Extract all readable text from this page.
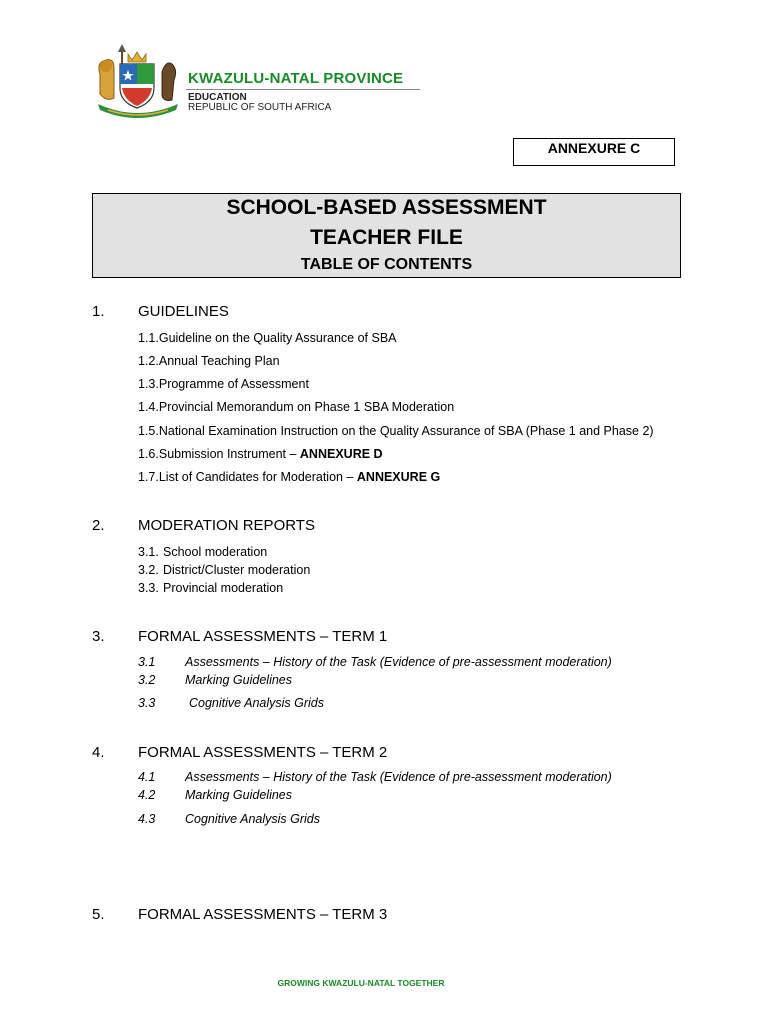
KWAZULU-NATAL PROVINCE
EDUCATION
REPUBLIC OF SOUTH AFRICA
ANNEXURE C
SCHOOL-BASED ASSESSMENT
TEACHER FILE
TABLE OF CONTENTS
1. GUIDELINES
1.1.Guideline on the Quality Assurance of SBA
1.2.Annual Teaching Plan
1.3.Programme of Assessment
1.4.Provincial Memorandum on Phase 1 SBA Moderation
1.5.National Examination Instruction on the Quality Assurance of SBA (Phase 1 and Phase 2)
1.6.Submission Instrument – ANNEXURE D
1.7.List of Candidates for Moderation – ANNEXURE G
2. MODERATION REPORTS
3.1. School moderation
3.2. District/Cluster moderation
3.3. Provincial moderation
3. FORMAL ASSESSMENTS – TERM 1
3.1 Assessments – History of the Task (Evidence of pre-assessment moderation)
3.2 Marking Guidelines
3.3	Cognitive Analysis Grids
4. FORMAL ASSESSMENTS – TERM 2
4.1 Assessments – History of the Task (Evidence of pre-assessment moderation)
4.2 Marking Guidelines
4.3 Cognitive Analysis Grids
5. FORMAL ASSESSMENTS – TERM 3
GROWING KWAZULU-NATAL TOGETHER
